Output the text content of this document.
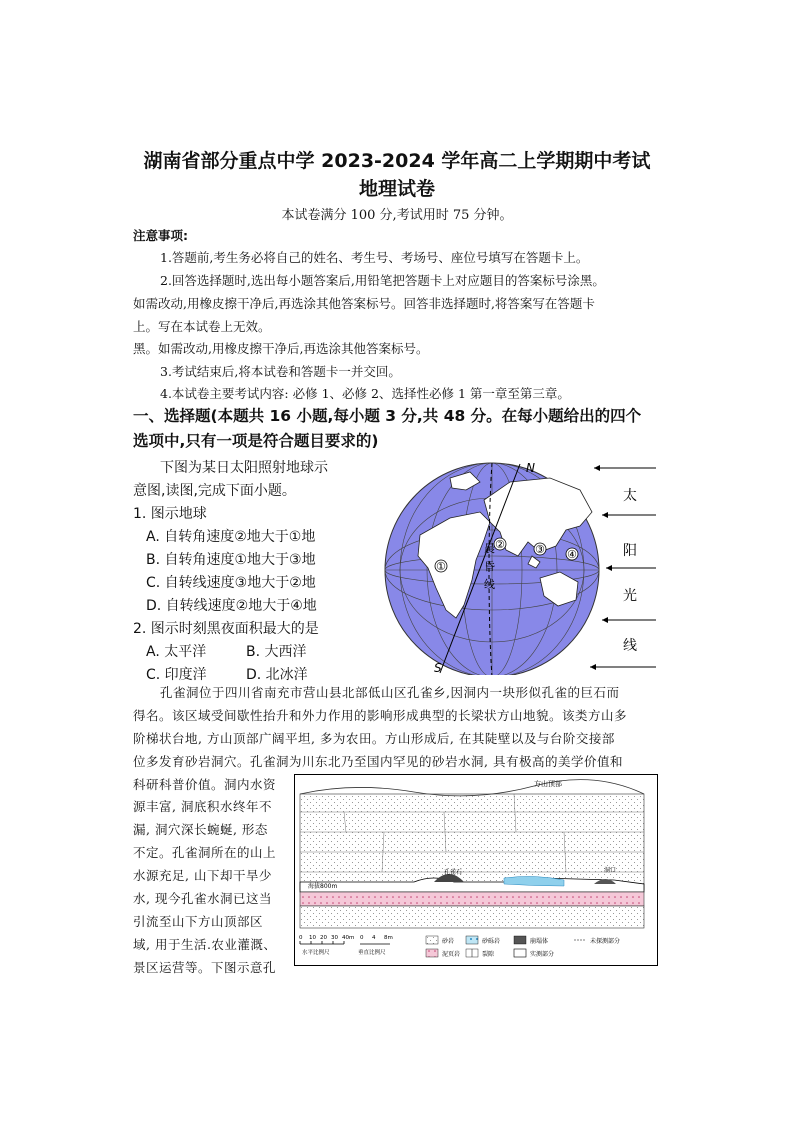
湖南省部分重点中学 2023-2024 学年高二上学期期中考试
地理试卷
本试卷满分 100 分,考试用时 75 分钟。
注意事项:
1.答题前,考生务必将自己的姓名、考生号、考场号、座位号填写在答题卡上。
2.回答选择题时,选出每小题答案后,用铅笔把答题卡上对应题目的答案标号涂黑。
如需改动,用橡皮擦干净后,再选涂其他答案标号。回答非选择题时,将答案写在答题卡
上。写在本试卷上无效。
黑。如需改动,用橡皮擦干净后,再选涂其他答案标号。
3.考试结束后,将本试卷和答题卡一并交回。
4.本试卷主要考试内容: 必修 1、必修 2、选择性必修 1 第一章至第三章。
一、选择题(本题共 16 小题,每小题 3 分,共 48 分。在每小题给出的四个
选项中,只有一项是符合题目要求的)
下图为某日太阳照射地球示
意图,读图,完成下面小题。
1. 图示地球
A. 自转角速度②地大于①地
B. 自转角速度①地大于③地
C. 自转线速度③地大于②地
D. 自转线速度②地大于④地
2. 图示时刻黑夜面积最大的是
A. 太平洋	B. 大西洋
C. 印度洋	D. 北冰洋
①
②	③ ④
N
S
晨
昏
线
太
阳
光
线
孔雀洞位于四川省南充市营山县北部低山区孔雀乡,因洞内一块形似孔雀的巨石而
得名。该区域受间歇性抬升和外力作用的影响形成典型的长梁状方山地貌。该类方山多
阶梯状台地, 方山顶部广阔平坦, 多为农田。方山形成后, 在其陡壁以及与台阶交接部
位多发育砂岩洞穴。孔雀洞为川东北乃至国内罕见的砂岩水洞, 具有极高的美学价值和
科研科普价值。洞内水资
源丰富, 洞底积水终年不
漏, 洞穴深长蜿蜒, 形态
不定。孔雀洞所在的山上
水源充足, 山下却干旱少
水, 现今孔雀水洞已这当
引流至山下方山顶部区
域, 用于生活.农业灌溉、
景区运营等。下图示意孔
方山顶部
孔雀石	洞口
海拔800m
0 10 20 30 40m
水平比例尺
0 4 8m
垂直比例尺
砂岩	砂砾岩	崩塌体	未探测部分
泥页岩	裂隙	实测部分
